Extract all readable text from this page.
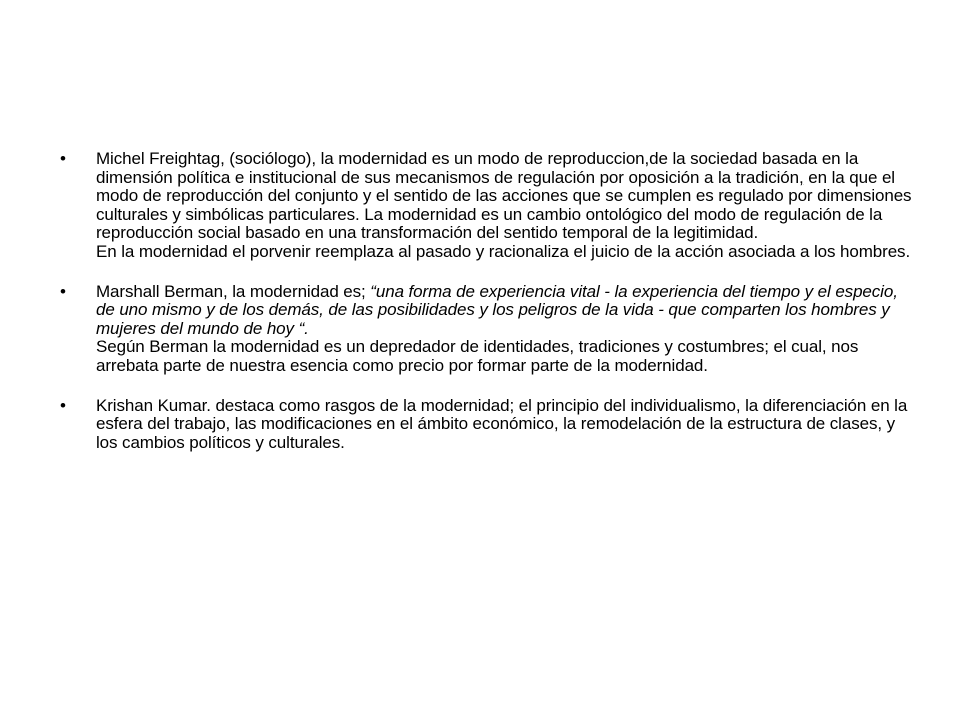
• Michel Freightag, (sociólogo), la modernidad es un modo de reproduccion,de la sociedad basada en la dimensión política e institucional de sus mecanismos de regulación por oposición a la tradición, en la que el modo de reproducción del conjunto y el sentido de las acciones que se cumplen es regulado por dimensiones culturales y simbólicas particulares. La modernidad es un cambio ontológico del modo de regulación de la reproducción social basado en una transformación del sentido temporal de la legitimidad.
En la modernidad el porvenir reemplaza al pasado y racionaliza el juicio de la acción asociada a los hombres.
• Marshall Berman, la modernidad es; “una forma de experiencia vital - la experiencia del tiempo y el especio, de uno mismo y de los demás, de las posibilidades y los peligros de la vida - que comparten los hombres y mujeres del mundo de hoy “.
Según Berman la modernidad es un depredador de identidades, tradiciones y costumbres; el cual, nos arrebata parte de nuestra esencia como precio por formar parte de la modernidad.
• Krishan Kumar. destaca como rasgos de la modernidad; el principio del individualismo, la diferenciación en la esfera del trabajo, las modificaciones en el ámbito económico, la remodelación de la estructura de clases, y los cambios políticos y culturales.
